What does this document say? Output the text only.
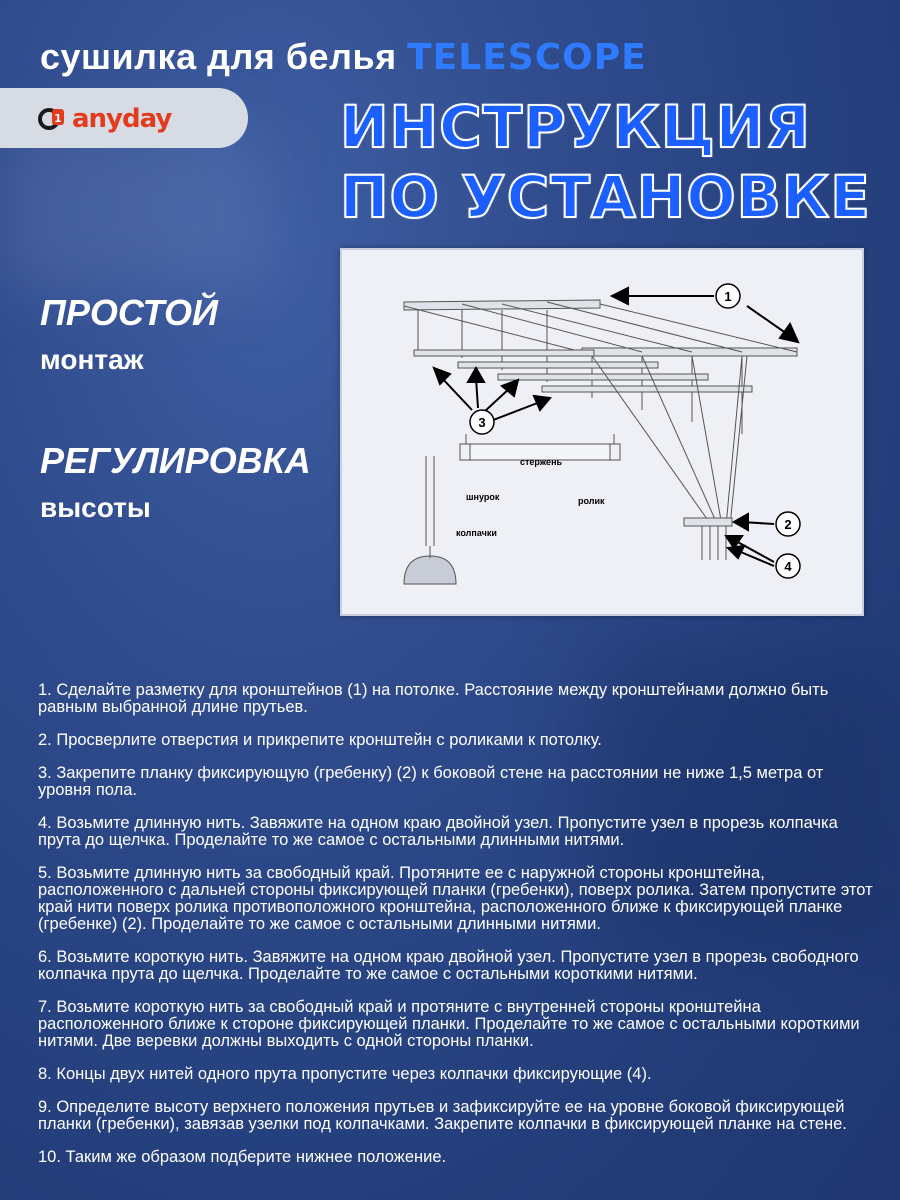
сушилка для белья TELESCOPE
1 anyday	ИНСТРУКЦИЯ
ПО УСТАНОВКЕ
ПРОСТОЙ
монтаж
РЕГУЛИРОВКА
высоты
1
3
2
4
стержень
шнурок	ролик
колпачки
1. Сделайте разметку для кронштейнов (1) на потолке. Расстояние между кронштейнами должно быть равным выбранной длине прутьев.
2. Просверлите отверстия и прикрепите кронштейн с роликами к потолку.
3. Закрепите планку фиксирующую (гребенку) (2) к боковой стене на расстоянии не ниже 1,5 метра от уровня пола.
4. Возьмите длинную нить. Завяжите на одном краю двойной узел. Пропустите узел в прорезь колпачка прута до щелчка. Проделайте то же самое с остальными длинными нитями.
5. Возьмите длинную нить за свободный край. Протяните ее с наружной стороны кронштейна, расположенного с дальней стороны фиксирующей планки (гребенки), поверх ролика. Затем пропустите этот край нити поверх ролика противоположного кронштейна, расположенного ближе к фиксирующей планке (гребенке) (2). Проделайте то же самое с остальными длинными нитями.
6. Возьмите короткую нить. Завяжите на одном краю двойной узел. Пропустите узел в прорезь свободного колпачка прута до щелчка. Проделайте то же самое с остальными короткими нитями.
7. Возьмите короткую нить за свободный край и протяните с внутренней стороны кронштейна расположенного ближе к стороне фиксирующей планки. Проделайте то же самое с остальными короткими нитями. Две веревки должны выходить с одной стороны планки.
8. Концы двух нитей одного прута пропустите через колпачки фиксирующие (4).
9. Определите высоту верхнего положения прутьев и зафиксируйте ее на уровне боковой фиксирующей планки (гребенки), завязав узелки под колпачками. Закрепите колпачки в фиксирующей планке на стене.
10. Таким же образом подберите нижнее положение.
